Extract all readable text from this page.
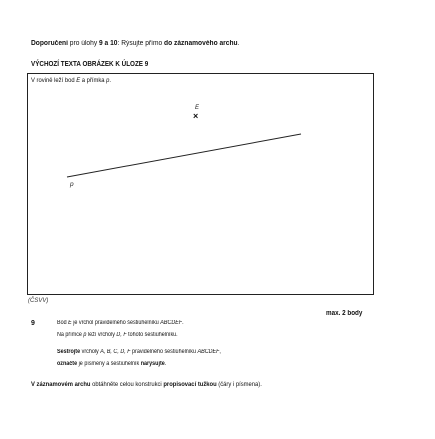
Doporučení pro úlohy 9 a 10: Rýsujte přímo do záznamového archu.
VÝCHOZÍ TEXTA OBRÁZEK K ÚLOZE 9
V rovině leží bod E a přímka p.
p
E
×
(ČSVV)
max. 2 body
9	Bod E je vrchol pravidelného šestiúhelníku ABCDEF.
Na přímce p leží vrcholy D, F tohoto šestiúhelníku.
Sestrojte vrcholy A, B, C, D, F pravidelného šestiúhelníku ABCDEF,
označte je písmeny a šestiúhelník narýsujte.
V záznamovém archu obtáhněte celou konstrukci propisovací tužkou (čáry i písmena).
